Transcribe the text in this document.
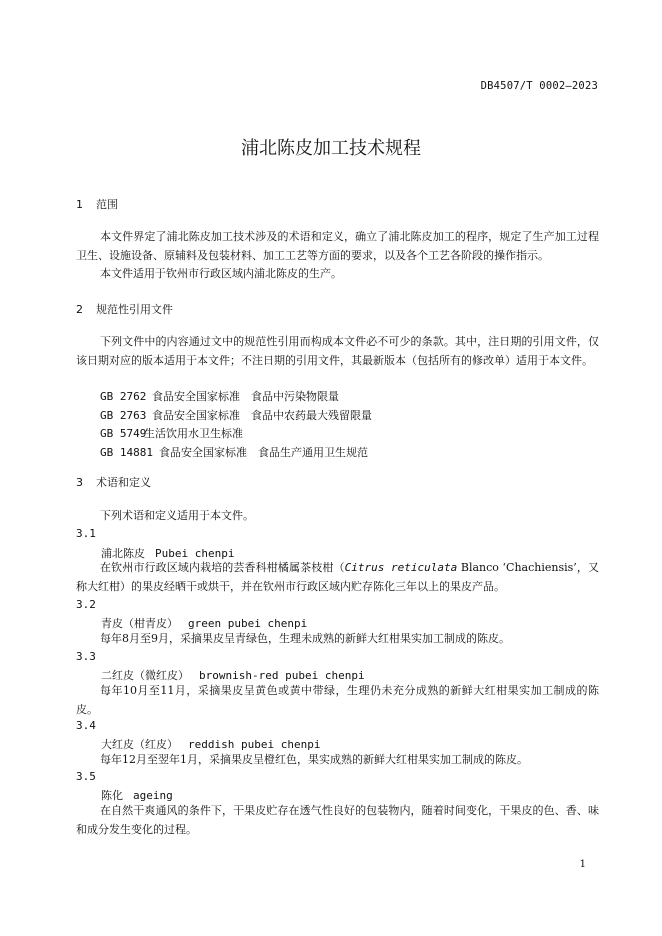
DB4507/T 0002—2023
浦北陈皮加工技术规程
1 范围
本文件界定了浦北陈皮加工技术涉及的术语和定义，确立了浦北陈皮加工的程序，规定了生产加工过程卫生、设施设备、原辅料及包装材料、加工工艺等方面的要求，以及各个工艺各阶段的操作指示。
本文件适用于钦州市行政区域内浦北陈皮的生产。
2 规范性引用文件
下列文件中的内容通过文中的规范性引用而构成本文件必不可少的条款。其中，注日期的引用文件，仅该日期对应的版本适用于本文件；不注日期的引用文件，其最新版本（包括所有的修改单）适用于本文件。
GB 2762 食品安全国家标准　食品中污染物限量
GB 2763 食品安全国家标准　食品中农药最大残留限量
GB 5749生活饮用水卫生标准
GB 14881 食品安全国家标准　食品生产通用卫生规范
3 术语和定义
下列术语和定义适用于本文件。
3.1
浦北陈皮 Pubei chenpi
在钦州市行政区域内栽培的芸香科柑橘属茶枝柑（Citrus reticulata Blanco ‘Chachiensis’，又称大红柑）的果皮经晒干或烘干，并在钦州市行政区域内贮存陈化三年以上的果皮产品。
3.2
青皮（柑青皮） green pubei chenpi
每年8月至9月，采摘果皮呈青绿色，生理未成熟的新鲜大红柑果实加工制成的陈皮。
3.3
二红皮（微红皮） brownish-red pubei chenpi
每年10月至11月，采摘果皮呈黄色或黄中带绿，生理仍未充分成熟的新鲜大红柑果实加工制成的陈皮。
3.4
大红皮（红皮） reddish pubei chenpi
每年12月至翌年1月，采摘果皮呈橙红色，果实成熟的新鲜大红柑果实加工制成的陈皮。
3.5
陈化 ageing
在自然干爽通风的条件下，干果皮贮存在透气性良好的包装物内，随着时间变化，干果皮的色、香、味和成分发生变化的过程。
1
